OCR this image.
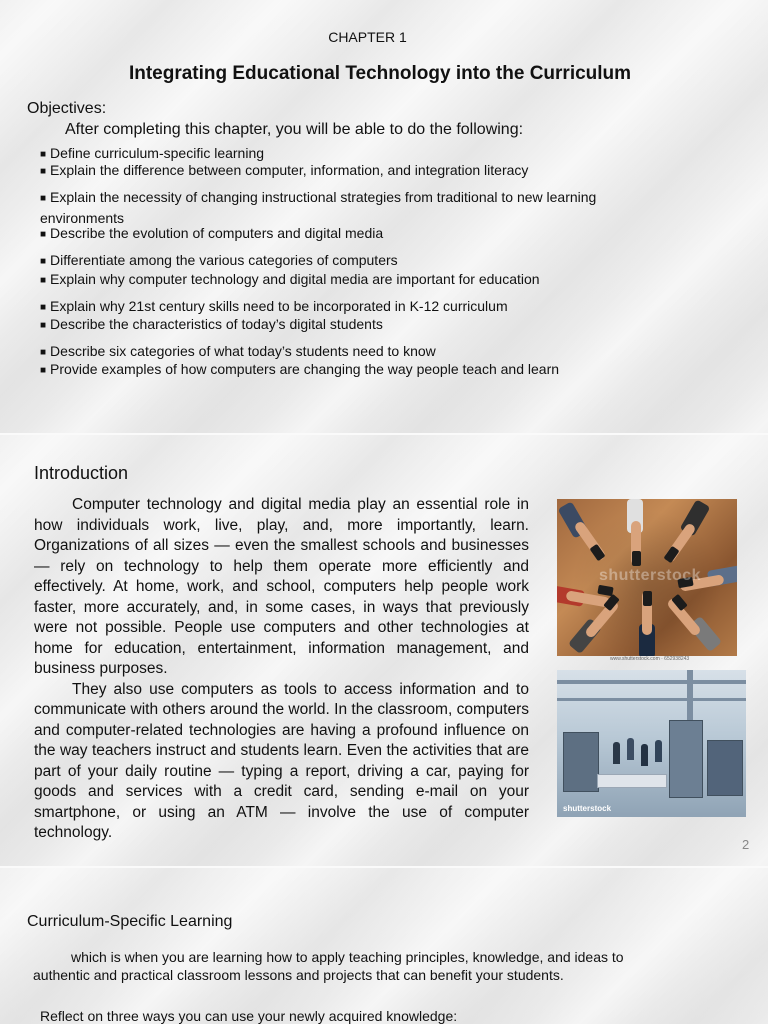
CHAPTER 1
Integrating Educational Technology into the Curriculum
Objectives:
After completing this chapter, you will be able to do the following:
■ Define curriculum-specific learning
■ Explain the difference between computer, information, and integration literacy
■ Explain the necessity of changing instructional strategies from traditional to new learning environments
■ Describe the evolution of computers and digital media
■ Differentiate among the various categories of computers
■ Explain why computer technology and digital media are important for education
■ Explain why 21st century skills need to be incorporated in K-12 curriculum
■ Describe the characteristics of today’s digital students
■ Describe six categories of what today’s students need to know
■ Provide examples of how computers are changing the way people teach and learn
Introduction

Computer technology and digital media play an essential role in how individuals work, live, play, and, more importantly, learn. Organizations of all sizes — even the smallest schools and businesses — rely on technology to help them operate more efficiently and effectively. At home, work, and school, computers help people work faster, more accurately, and, in some cases, in ways that previously were not possible. People use computers and other technologies at home for education, entertainment, information management, and business purposes.

They also use computers as tools to access information and to communicate with others around the world. In the classroom, computers and computer-related technologies are having a profound influence on the way teachers instruct and students learn. Even the activities that are part of your daily routine — typing a report, driving a car, paying for goods and services with a credit card, sending e-mail on your smartphone, or using an ATM — involve the use of computer technology.

shutterstock
www.shutterstock.com · 652938243
shutterstock
2
Curriculum-Specific Learning
which is when you are learning how to apply teaching principles, knowledge, and ideas to authentic and practical classroom lessons and projects that can benefit your students.
Reflect on three ways you can use your newly acquired knowledge:
